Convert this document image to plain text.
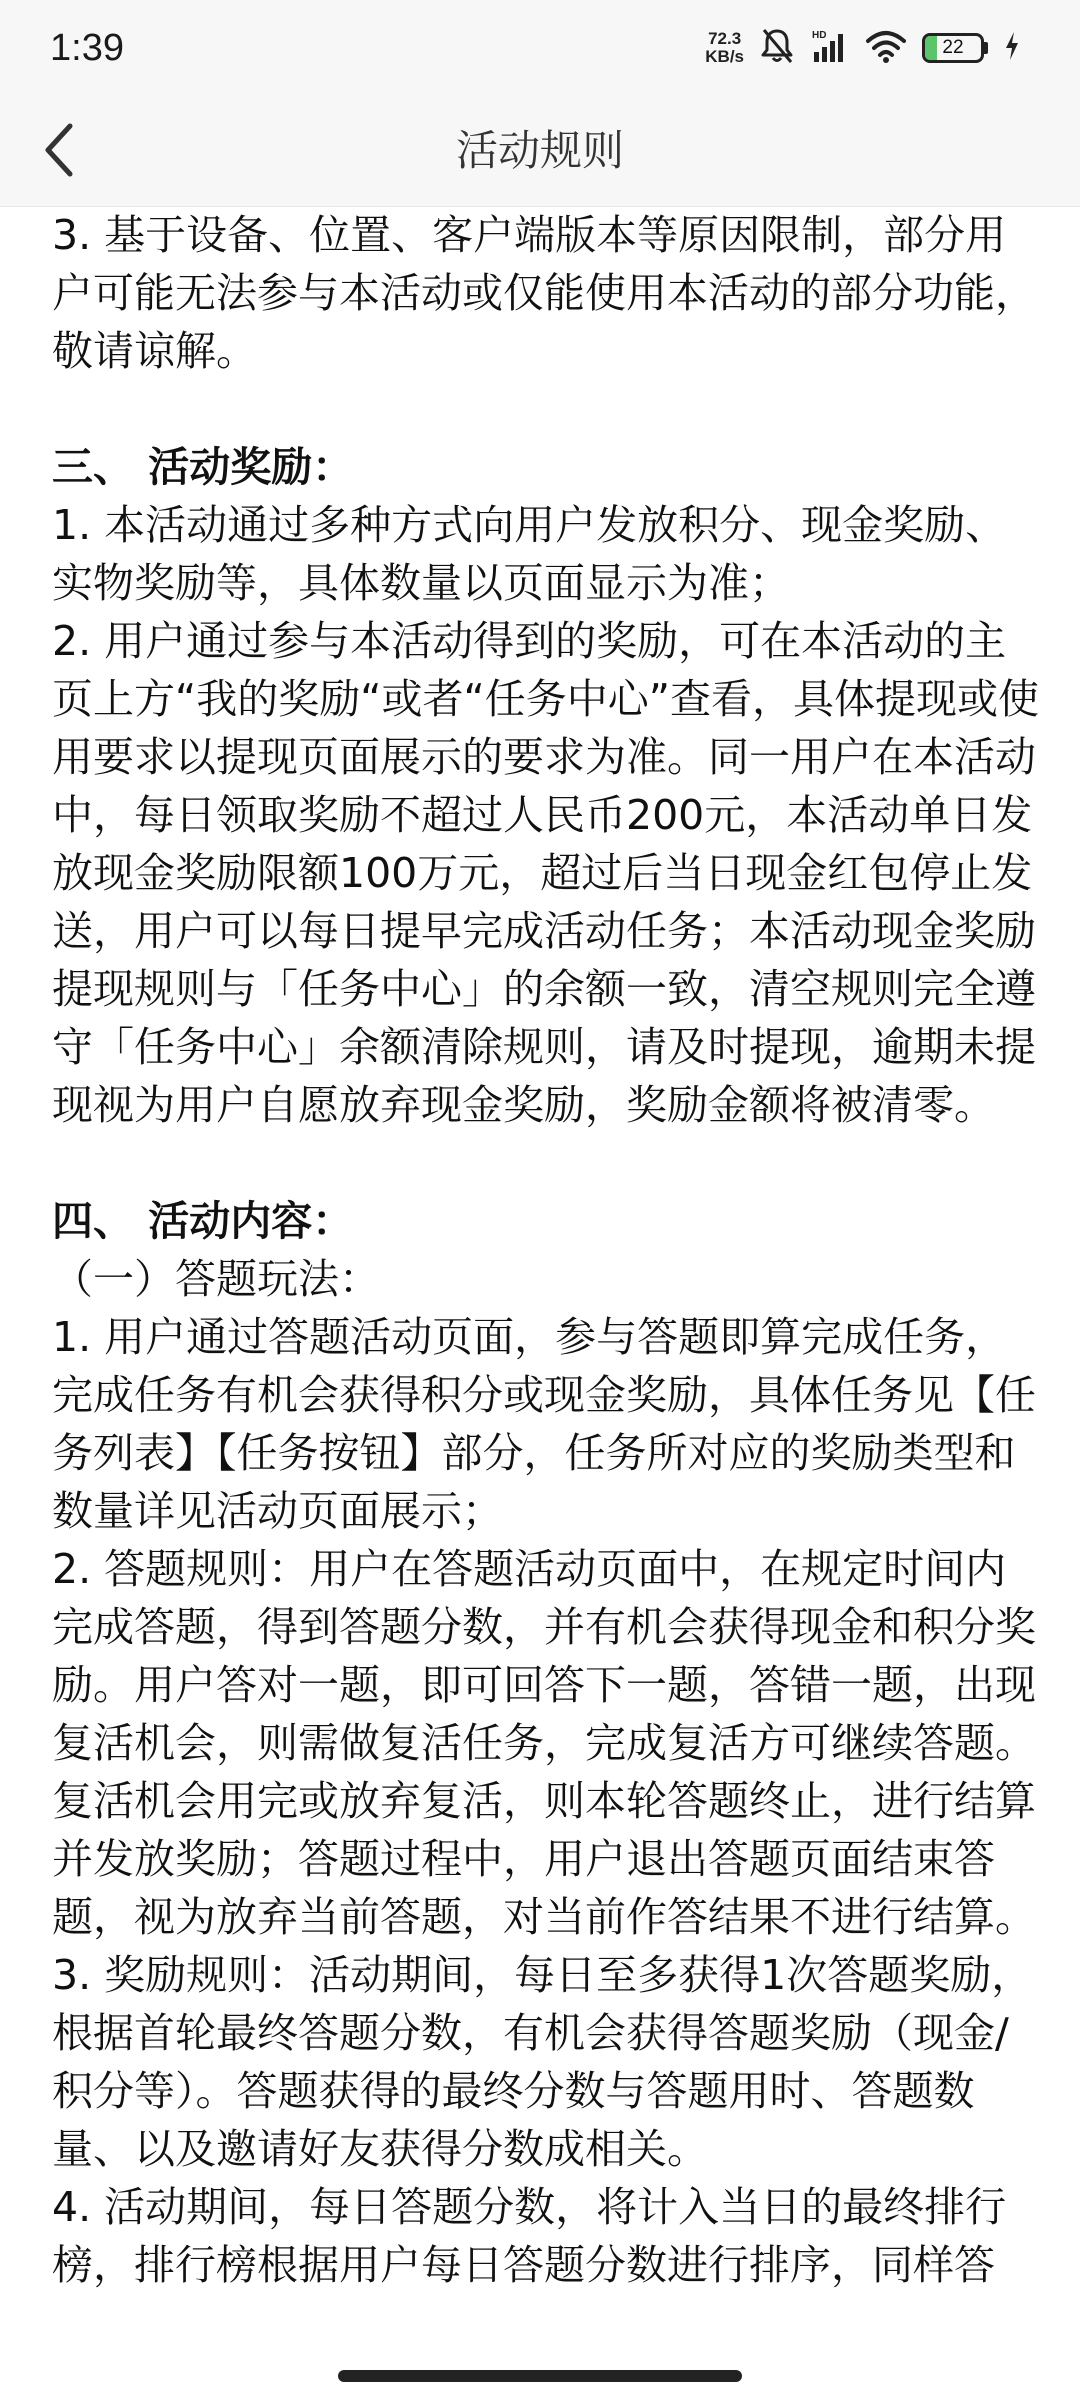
1:39	72.3
KB/s
HD
22
活动规则

3. 基于设备、位置、客户端版本等原因限制，部分用户可能无法参与本活动或仅能使用本活动的部分功能，敬请谅解。

三、 活动奖励：

1. 本活动通过多种方式向用户发放积分、现金奖励、实物奖励等，具体数量以页面显示为准；

2. 用户通过参与本活动得到的奖励，可在本活动的主页上方“我的奖励“或者“任务中心”查看，具体提现或使用要求以提现页面展示的要求为准。同一用户在本活动中，每日领取奖励不超过人民币200元，本活动单日发放现金奖励限额100万元，超过后当日现金红包停止发送，用户可以每日提早完成活动任务；本活动现金奖励提现规则与「任务中心」的余额一致，清空规则完全遵守「任务中心」余额清除规则，请及时提现，逾期未提现视为用户自愿放弃现金奖励，奖励金额将被清零。

四、 活动内容：

（一）答题玩法：

1. 用户通过答题活动页面，参与答题即算完成任务，完成任务有机会获得积分或现金奖励，具体任务见【任务列表】【任务按钮】部分，任务所对应的奖励类型和数量详见活动页面展示；

2. 答题规则：用户在答题活动页面中，在规定时间内完成答题，得到答题分数，并有机会获得现金和积分奖励。用户答对一题，即可回答下一题，答错一题，出现复活机会，则需做复活任务，完成复活方可继续答题。复活机会用完或放弃复活，则本轮答题终止，进行结算并发放奖励；答题过程中，用户退出答题页面结束答题，视为放弃当前答题，对当前作答结果不进行结算。

3. 奖励规则：活动期间，每日至多获得1次答题奖励，根据首轮最终答题分数，有机会获得答题奖励（现金/积分等）。答题获得的最终分数与答题用时、答题数量、以及邀请好友获得分数成相关。

4. 活动期间，每日答题分数，将计入当日的最终排行榜，排行榜根据用户每日答题分数进行排序，同样答
